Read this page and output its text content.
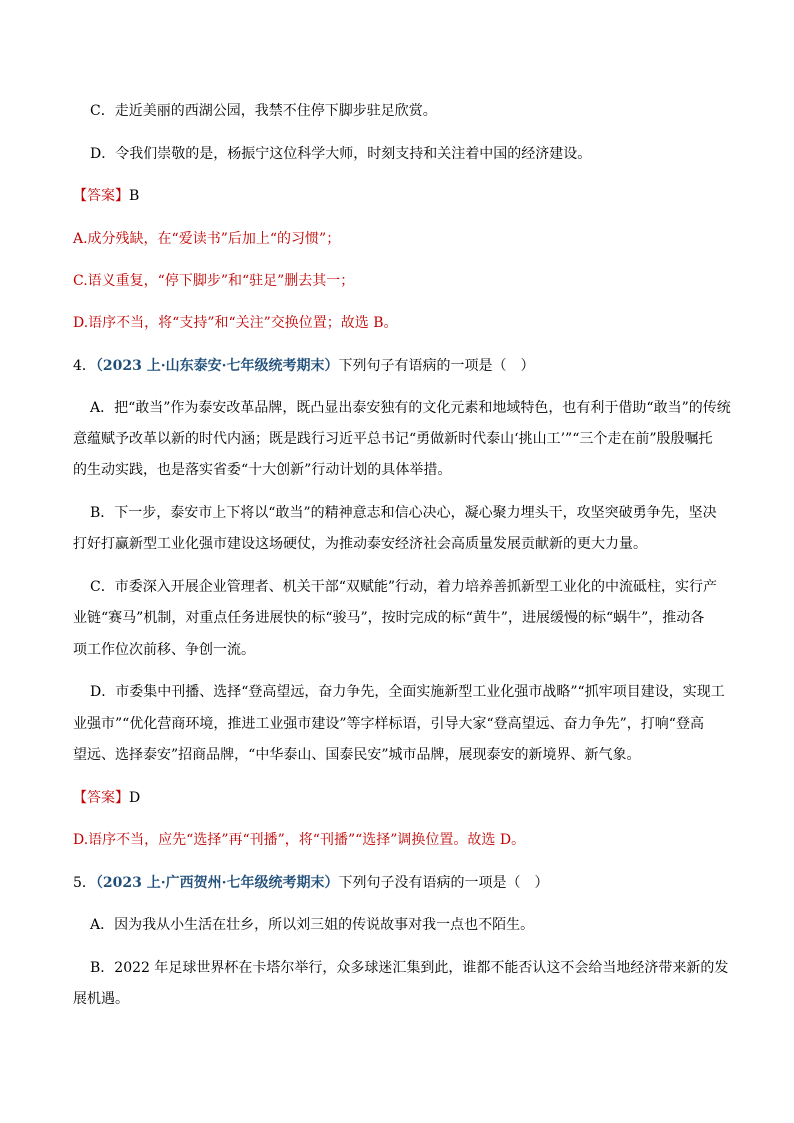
C．走近美丽的西湖公园，我禁不住停下脚步驻足欣赏。
D．令我们崇敬的是，杨振宁这位科学大师，时刻支持和关注着中国的经济建设。
【答案】B
A.成分残缺，在“爱读书”后加上“的习惯”；
C.语义重复，“停下脚步”和“驻足”删去其一；
D.语序不当，将“支持”和“关注”交换位置；故选 B。
4．（2023 上·山东泰安·七年级统考期末）下列句子有语病的一项是（　）
A．把“敢当”作为泰安改革品牌，既凸显出泰安独有的文化元素和地域特色，也有利于借助“敢当”的传统
意蕴赋予改革以新的时代内涵；既是践行习近平总书记“勇做新时代泰山‘挑山工’”“三个走在前”殷殷嘱托
的生动实践，也是落实省委“十大创新”行动计划的具体举措。
B．下一步，泰安市上下将以“敢当”的精神意志和信心决心，凝心聚力埋头干，攻坚突破勇争先，坚决
打好打赢新型工业化强市建设这场硬仗，为推动泰安经济社会高质量发展贡献新的更大力量。
C．市委深入开展企业管理者、机关干部“双赋能”行动，着力培养善抓新型工业化的中流砥柱，实行产
业链“赛马”机制，对重点任务进展快的标“骏马”，按时完成的标“黄牛”，进展缓慢的标“蜗牛”，推动各
项工作位次前移、争创一流。
D．市委集中刊播、选择“登高望远，奋力争先，全面实施新型工业化强市战略”“抓牢项目建设，实现工
业强市”“优化营商环境，推进工业强市建设”等字样标语，引导大家“登高望远、奋力争先”，打响“登高
望远、选择泰安”招商品牌，“中华泰山、国泰民安”城市品牌，展现泰安的新境界、新气象。
【答案】D
D.语序不当，应先“选择”再“刊播”，将“刊播”“选择”调换位置。故选 D。
5．（2023 上·广西贺州·七年级统考期末）下列句子没有语病的一项是（　）
A．因为我从小生活在壮乡，所以刘三姐的传说故事对我一点也不陌生。
B．2022 年足球世界杯在卡塔尔举行，众多球迷汇集到此，谁都不能否认这不会给当地经济带来新的发
展机遇。
